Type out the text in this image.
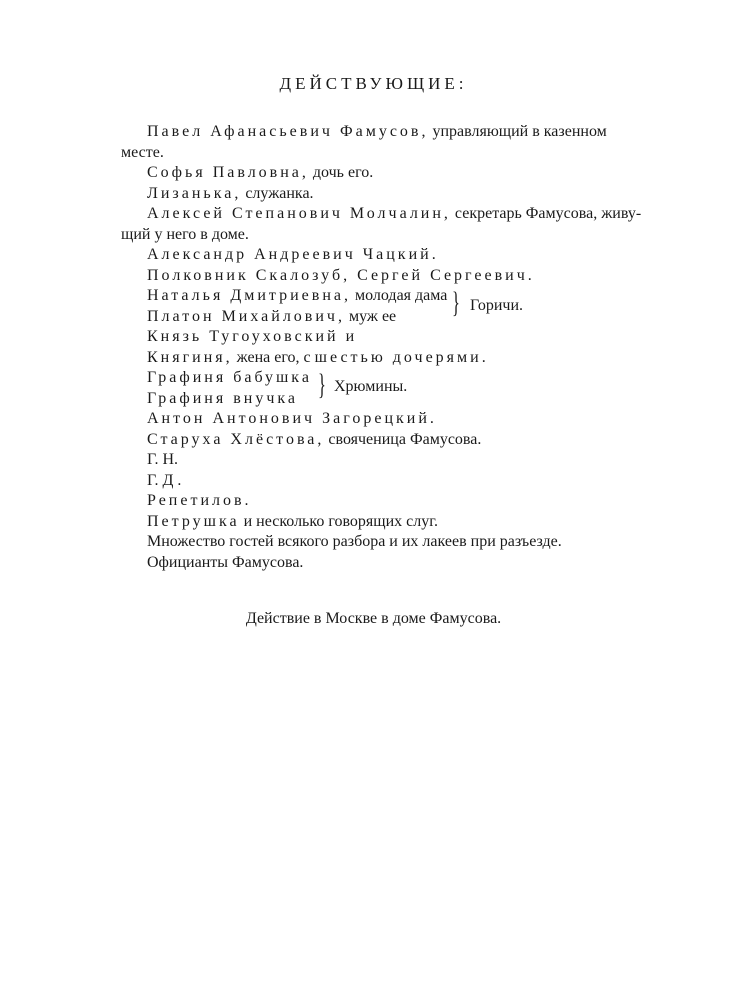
ДЕЙСТВУЮЩИЕ:
Павел Афанасьевич Фамусов, управляющий в казенном
месте.
Софья Павловна, дочь его.
Лизанька, служанка.
Алексей Степанович Молчалин, секретарь Фамусова, живу-
щий у него в доме.
Александр Андреевич Чацкий.
Полковник Скалозуб, Сергей Сергеевич.
Наталья Дмитриевна, молодая дама
Платон Михайлович, муж ее } Горичи.
Князь Тугоуховский и
Княгиня, жена его, с шестью дочерями.
Графиня бабушка
Графиня внучка } Хрюмины.
Антон Антонович Загорецкий.
Старуха Хлёстова, свояченица Фамусова.
Г. Н.
Г. Д .
Репетилов.
Петрушка и несколько говорящих слуг.
Множество гостей всякого разбора и их лакеев при разъезде.
Официанты Фамусова.
Действие в Москве в доме Фамусова.
